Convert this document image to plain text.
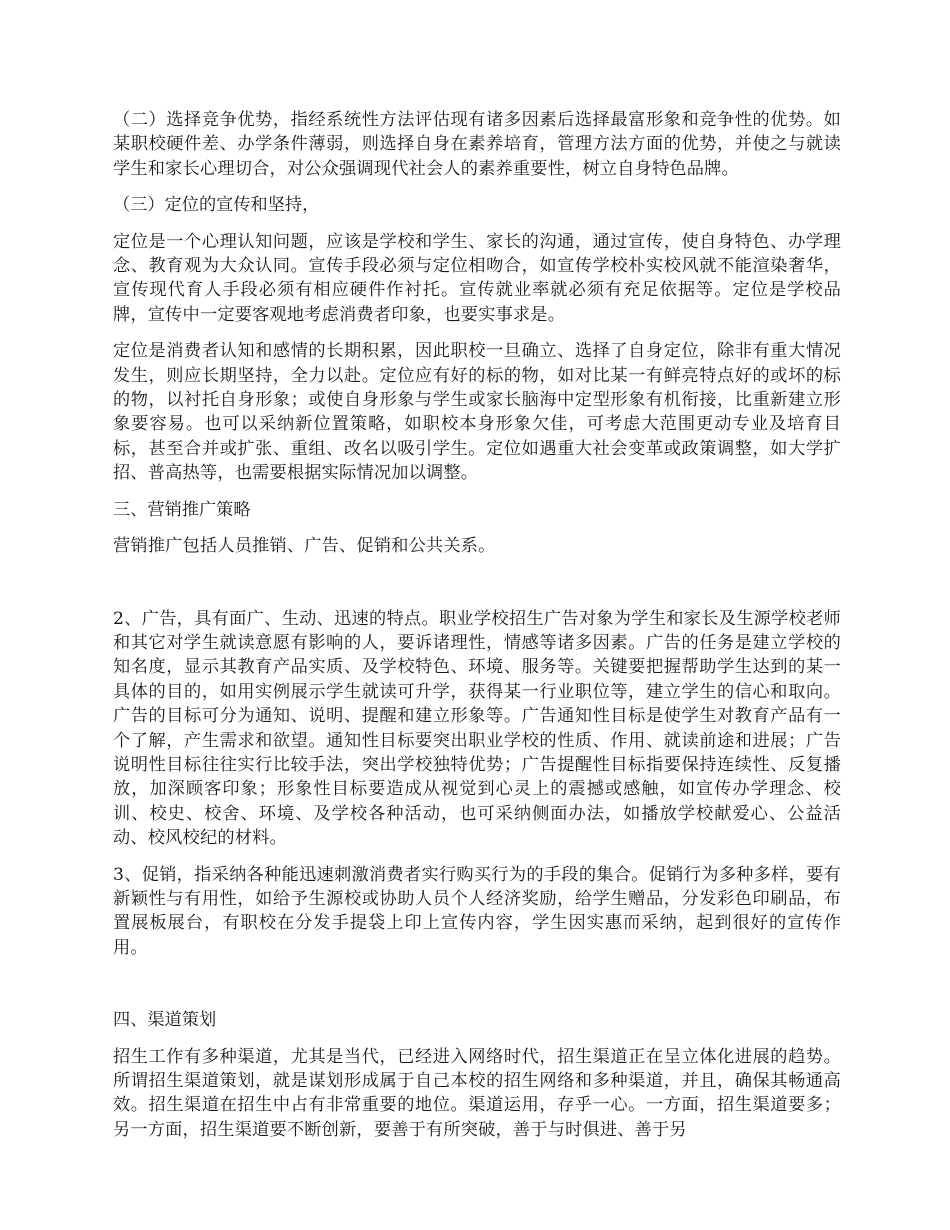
（二）选择竞争优势，指经系统性方法评估现有诸多因素后选择最富形象和竞争性的优势。如某职校硬件差、办学条件薄弱，则选择自身在素养培育，管理方法方面的优势，并使之与就读学生和家长心理切合，对公众强调现代社会人的素养重要性，树立自身特色品牌。

（三）定位的宣传和坚持，

定位是一个心理认知问题，应该是学校和学生、家长的沟通，通过宣传，使自身特色、办学理念、教育观为大众认同。宣传手段必须与定位相吻合，如宣传学校朴实校风就不能渲染奢华，宣传现代育人手段必须有相应硬件作衬托。宣传就业率就必须有充足依据等。定位是学校品牌，宣传中一定要客观地考虑消费者印象，也要实事求是。

定位是消费者认知和感情的长期积累，因此职校一旦确立、选择了自身定位，除非有重大情况发生，则应长期坚持，全力以赴。定位应有好的标的物，如对比某一有鲜亮特点好的或坏的标的物，以衬托自身形象；或使自身形象与学生或家长脑海中定型形象有机衔接，比重新建立形象要容易。也可以采纳新位置策略，如职校本身形象欠佳，可考虑大范围更动专业及培育目标，甚至合并或扩张、重组、改名以吸引学生。定位如遇重大社会变革或政策调整，如大学扩招、普高热等，也需要根据实际情况加以调整。

三、营销推广策略

营销推广包括人员推销、广告、促销和公共关系。

2、广告，具有面广、生动、迅速的特点。职业学校招生广告对象为学生和家长及生源学校老师和其它对学生就读意愿有影响的人，要诉诸理性，情感等诸多因素。广告的任务是建立学校的知名度，显示其教育产品实质、及学校特色、环境、服务等。关键要把握帮助学生达到的某一具体的目的，如用实例展示学生就读可升学，获得某一行业职位等，建立学生的信心和取向。广告的目标可分为通知、说明、提醒和建立形象等。广告通知性目标是使学生对教育产品有一个了解，产生需求和欲望。通知性目标要突出职业学校的性质、作用、就读前途和进展；广告说明性目标往往实行比较手法，突出学校独特优势；广告提醒性目标指要保持连续性、反复播放，加深顾客印象；形象性目标要造成从视觉到心灵上的震撼或感触，如宣传办学理念、校训、校史、校舍、环境、及学校各种活动，也可采纳侧面办法，如播放学校献爱心、公益活动、校风校纪的材料。

3、促销，指采纳各种能迅速刺激消费者实行购买行为的手段的集合。促销行为多种多样，要有新颖性与有用性，如给予生源校或协助人员个人经济奖励，给学生赠品，分发彩色印刷品，布置展板展台，有职校在分发手提袋上印上宣传内容，学生因实惠而采纳，起到很好的宣传作用。

四、渠道策划

招生工作有多种渠道，尤其是当代，已经进入网络时代，招生渠道正在呈立体化进展的趋势。所谓招生渠道策划，就是谋划形成属于自己本校的招生网络和多种渠道，并且，确保其畅通高效。招生渠道在招生中占有非常重要的地位。渠道运用，存乎一心。一方面，招生渠道要多；另一方面，招生渠道要不断创新，要善于有所突破，善于与时俱进、善于另
